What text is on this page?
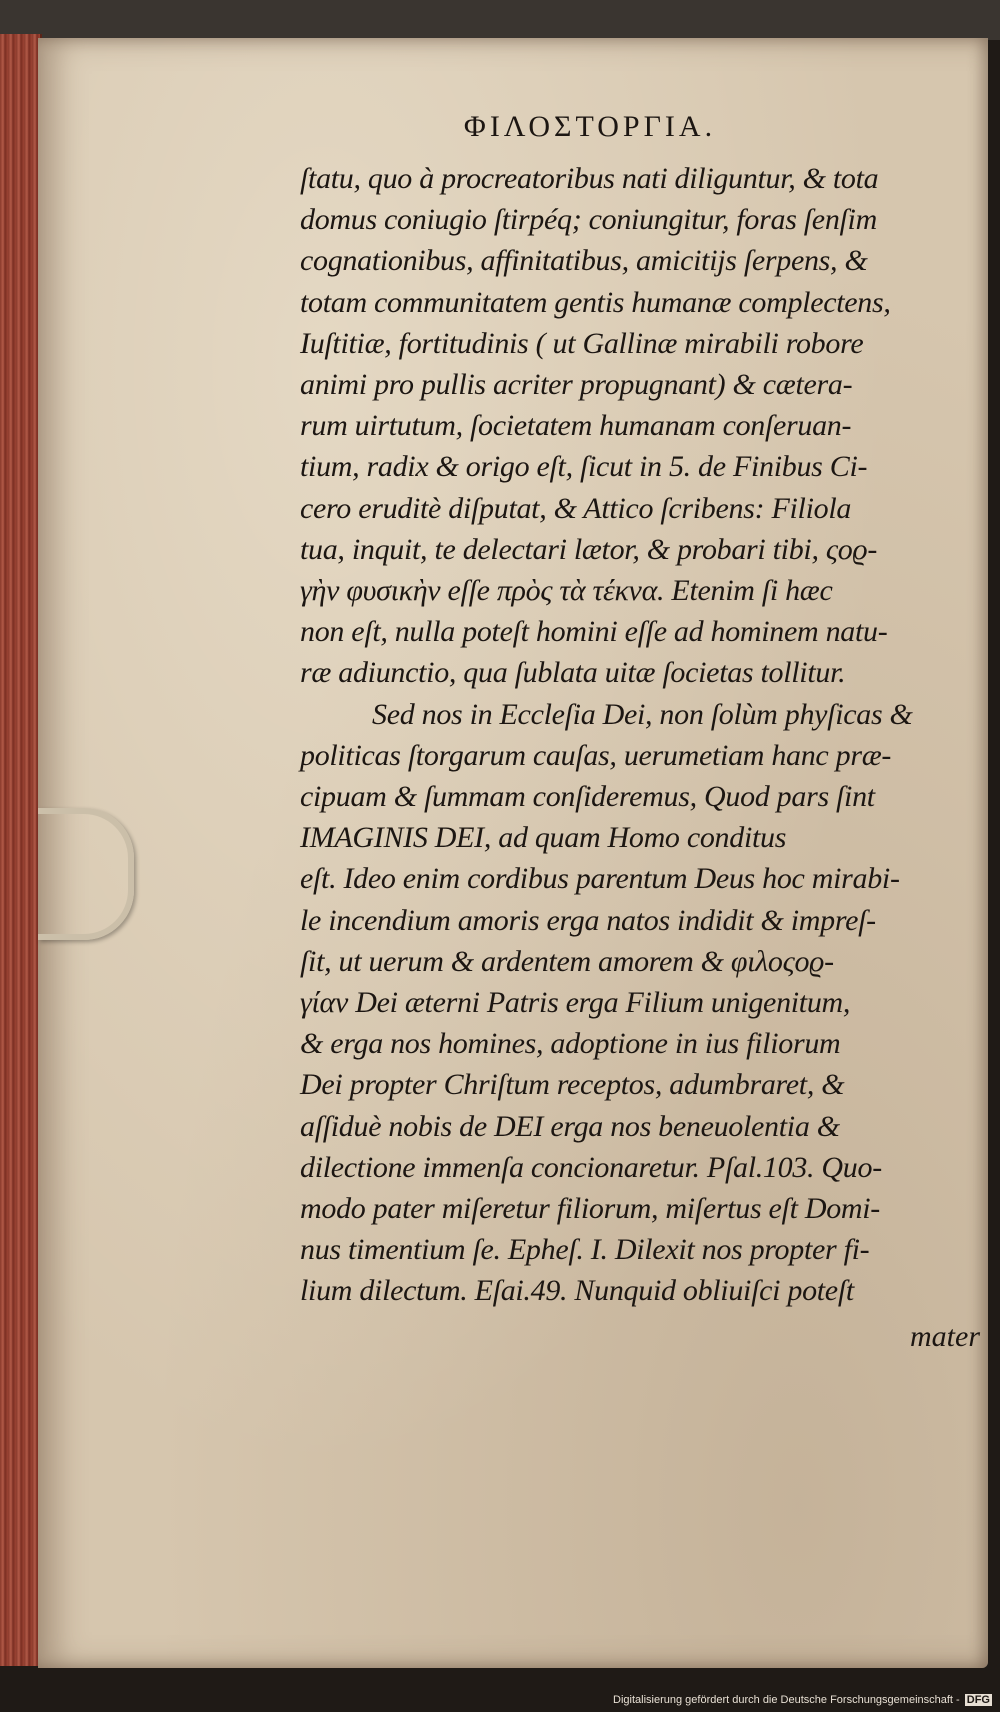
ΦΙΛΟΣΤΟΡΓΙΑ.
ſtatu, quo à procreatoribus nati diliguntur, & tota
domus coniugio ſtirpéq; coniungitur, foras ſenſim
cognationibus, affinitatibus, amicitijs ſerpens, &
totam communitatem gentis humanæ complectens,
Iuſtitiæ, fortitudinis ( ut Gallinæ mirabili robore
animi pro pullis acriter propugnant) & cætera-
rum uirtutum, ſocietatem humanam conſeruan-
tium, radix & origo eſt, ſicut in 5. de Finibus Ci-
cero eruditè diſputat, & Attico ſcribens: Filiola
tua, inquit, te delectari lætor, & probari tibi, ςοϱ-
γὴν φυσικὴν eſſe πρὸς τὰ τέκνα. Etenim ſi hæc
non eſt, nulla poteſt homini eſſe ad hominem natu-
ræ adiunctio, qua ſublata uitæ ſocietas tollitur.
Sed nos in Eccleſia Dei, non ſolùm phyſicas &
politicas ſtorgarum cauſas, uerumetiam hanc præ-
cipuam & ſummam conſideremus, Quod pars ſint
IMAGINIS DEI, ad quam Homo conditus
eſt. Ideo enim cordibus parentum Deus hoc mirabi-
le incendium amoris erga natos indidit & impreſ-
ſit, ut uerum & ardentem amorem & φιλοςοϱ-
γίαν Dei æterni Patris erga Filium unigenitum,
& erga nos homines, adoptione in ius filiorum
Dei propter Chriſtum receptos, adumbraret, &
aſſiduè nobis de DEI erga nos beneuolentia &
dilectione immenſa concionaretur. Pſal.103. Quo-
modo pater miſeretur filiorum, miſertus eſt Domi-
nus timentium ſe. Epheſ. I. Dilexit nos propter fi-
lium dilectum. Eſai.49. Nunquid obliuiſci poteſt
mater
Digitalisierung gefördert durch die Deutsche Forschungsgemeinschaft - DFG
